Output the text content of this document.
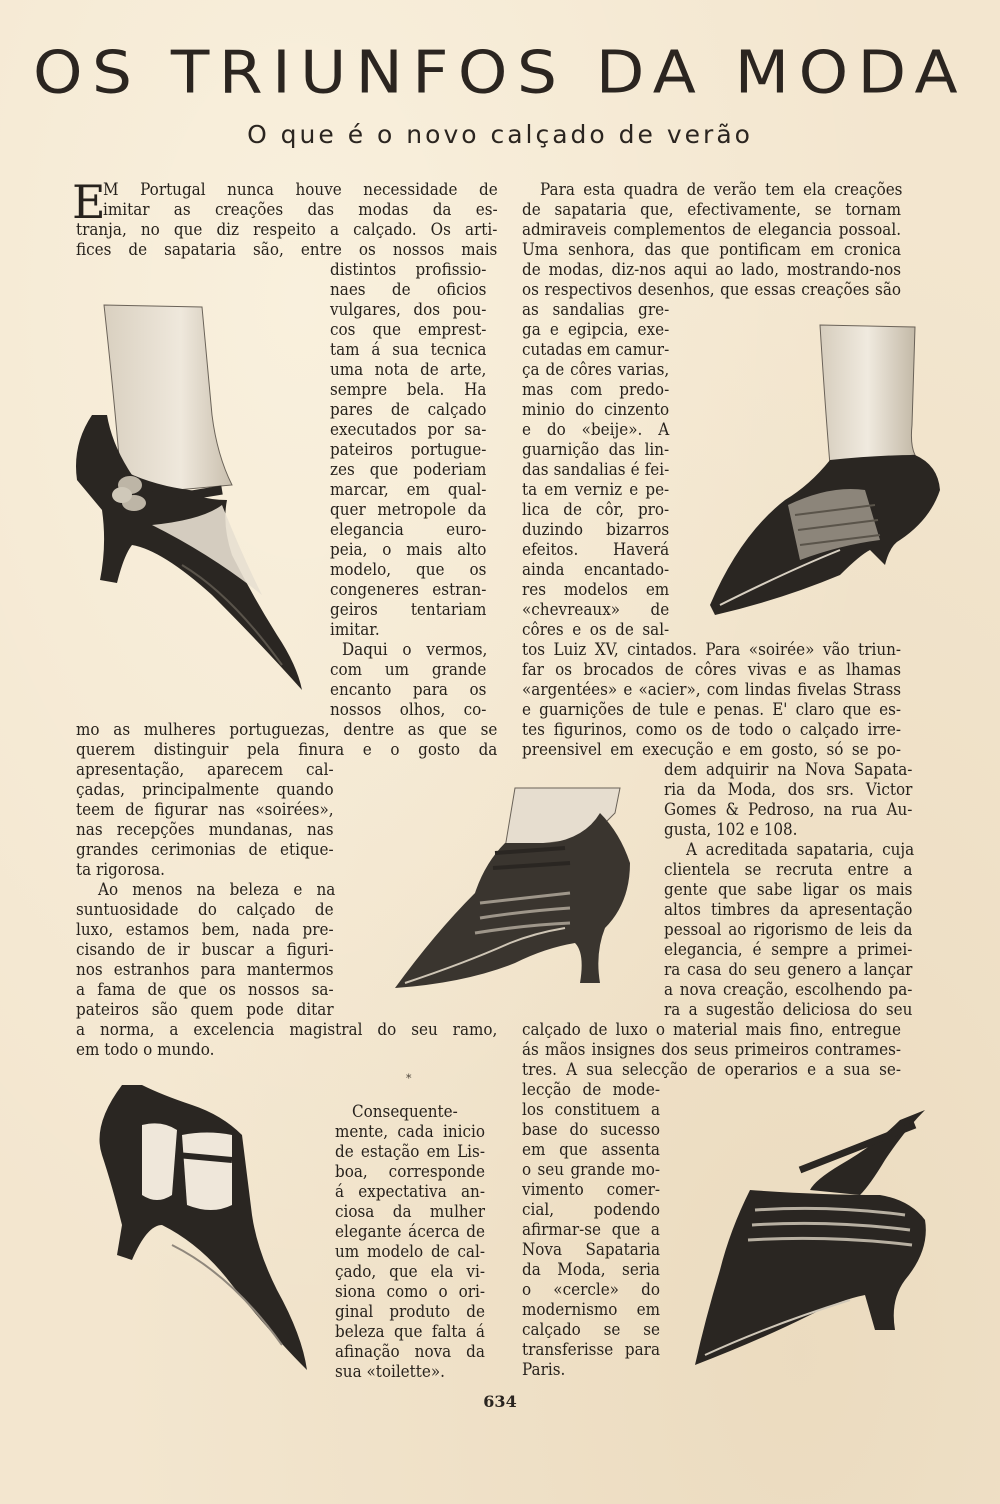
OS TRIUNFOS DA MODA
O que é o novo calçado de verão
E
M Portugal nunca houve necessidade de
imitar as creações das modas da es-
tranja, no que diz respeito a calçado. Os arti-
fices de sapataria são, entre os nossos mais
distintos profissio-
naes de oficios
vulgares, dos pou-
cos que emprest-
tam á sua tecnica
uma nota de arte,
sempre bela. Ha
pares de calçado
executados por sa-
pateiros portugue-
zes que poderiam
marcar, em qual-
quer metropole da
elegancia euro-
peia, o mais alto
modelo, que os
congeneres estran-
geiros tentariam
imitar.
Daqui o vermos,
com um grande
encanto para os
nossos olhos, co-
mo as mulheres portuguezas, dentre as que se
querem distinguir pela finura e o gosto da
apresentação, aparecem cal-
çadas, principalmente quando
teem de figurar nas «soirées»,
nas recepções mundanas, nas
grandes cerimonias de etique-
ta rigorosa.
Ao menos na beleza e na
suntuosidade do calçado de
luxo, estamos bem, nada pre-
cisando de ir buscar a figuri-
nos estranhos para mantermos
a fama de que os nossos sa-
pateiros são quem pode ditar
a norma, a excelencia magistral do seu ramo,
em todo o mundo.
*
Consequente-
mente, cada inicio
de estação em Lis-
boa, corresponde
á expectativa an-
ciosa da mulher
elegante ácerca de
um modelo de cal-
çado, que ela vi-
siona como o ori-
ginal produto de
beleza que falta á
afinação nova da
sua «toilette».
Para esta quadra de verão tem ela creações
de sapataria que, efectivamente, se tornam
admiraveis complementos de elegancia possoal.
Uma senhora, das que pontificam em cronica
de modas, diz-nos aqui ao lado, mostrando-nos
os respectivos desenhos, que essas creações são
as sandalias gre-
ga e egipcia, exe-
cutadas em camur-
ça de côres varias,
mas com predo-
minio do cinzento
e do «beije». A
guarnição das lin-
das sandalias é fei-
ta em verniz e pe-
lica de côr, pro-
duzindo bizarros
efeitos. Haverá
ainda encantado-
res modelos em
«chevreaux» de
côres e os de sal-
tos Luiz XV, cintados. Para «soirée» vão triun-
far os brocados de côres vivas e as lhamas
«argentées» e «acier», com lindas fivelas Strass
e guarnições de tule e penas. E' claro que es-
tes figurinos, como os de todo o calçado irre-
preensivel em execução e em gosto, só se po-
dem adquirir na Nova Sapata-
ria da Moda, dos srs. Victor
Gomes & Pedroso, na rua Au-
gusta, 102 e 108.
A acreditada sapataria, cuja
clientela se recruta entre a
gente que sabe ligar os mais
altos timbres da apresentação
pessoal ao rigorismo de leis da
elegancia, é sempre a primei-
ra casa do seu genero a lançar
a nova creação, escolhendo pa-
ra a sugestão deliciosa do seu
calçado de luxo o material mais fino, entregue
ás mãos insignes dos seus primeiros contrames-
tres. A sua selecção de operarios e a sua se-
lecção de mode-
los constituem a
base do sucesso
em que assenta
o seu grande mo-
vimento comer-
cial, podendo
afirmar-se que a
Nova Sapataria
da Moda, seria
o «cercle» do
modernismo em
calçado se se
transferisse para
Paris.
634
